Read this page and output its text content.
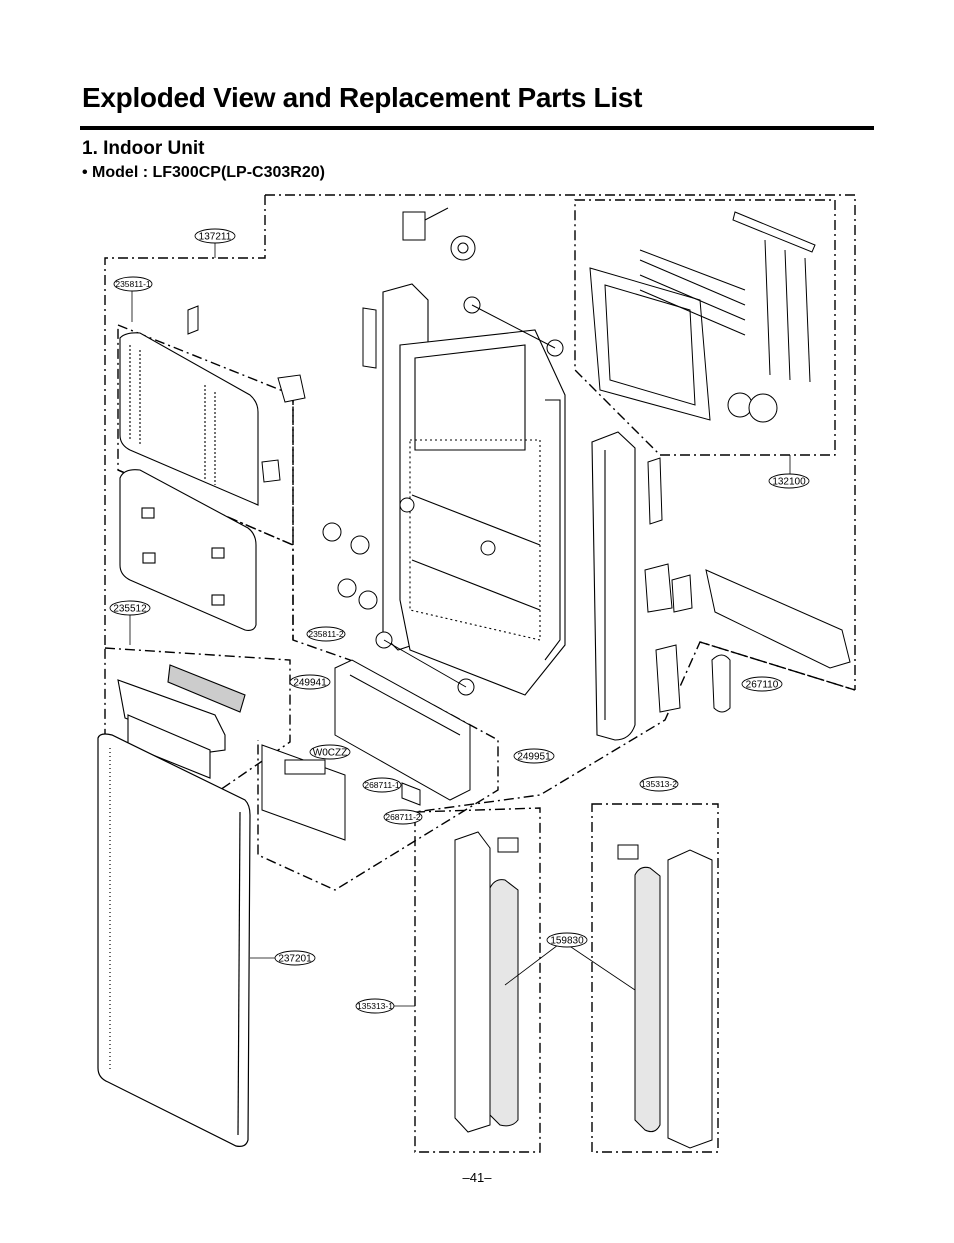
Exploded View and Replacement Parts List
1. Indoor Unit
• Model : LF300CP(LP-C303R20)
137211
235811-1
132100
235512
235811-2
249941	267110
W0CZZ	249951
268711-1
268711-2
135313-2
159830
237201
135313-1
–41–
